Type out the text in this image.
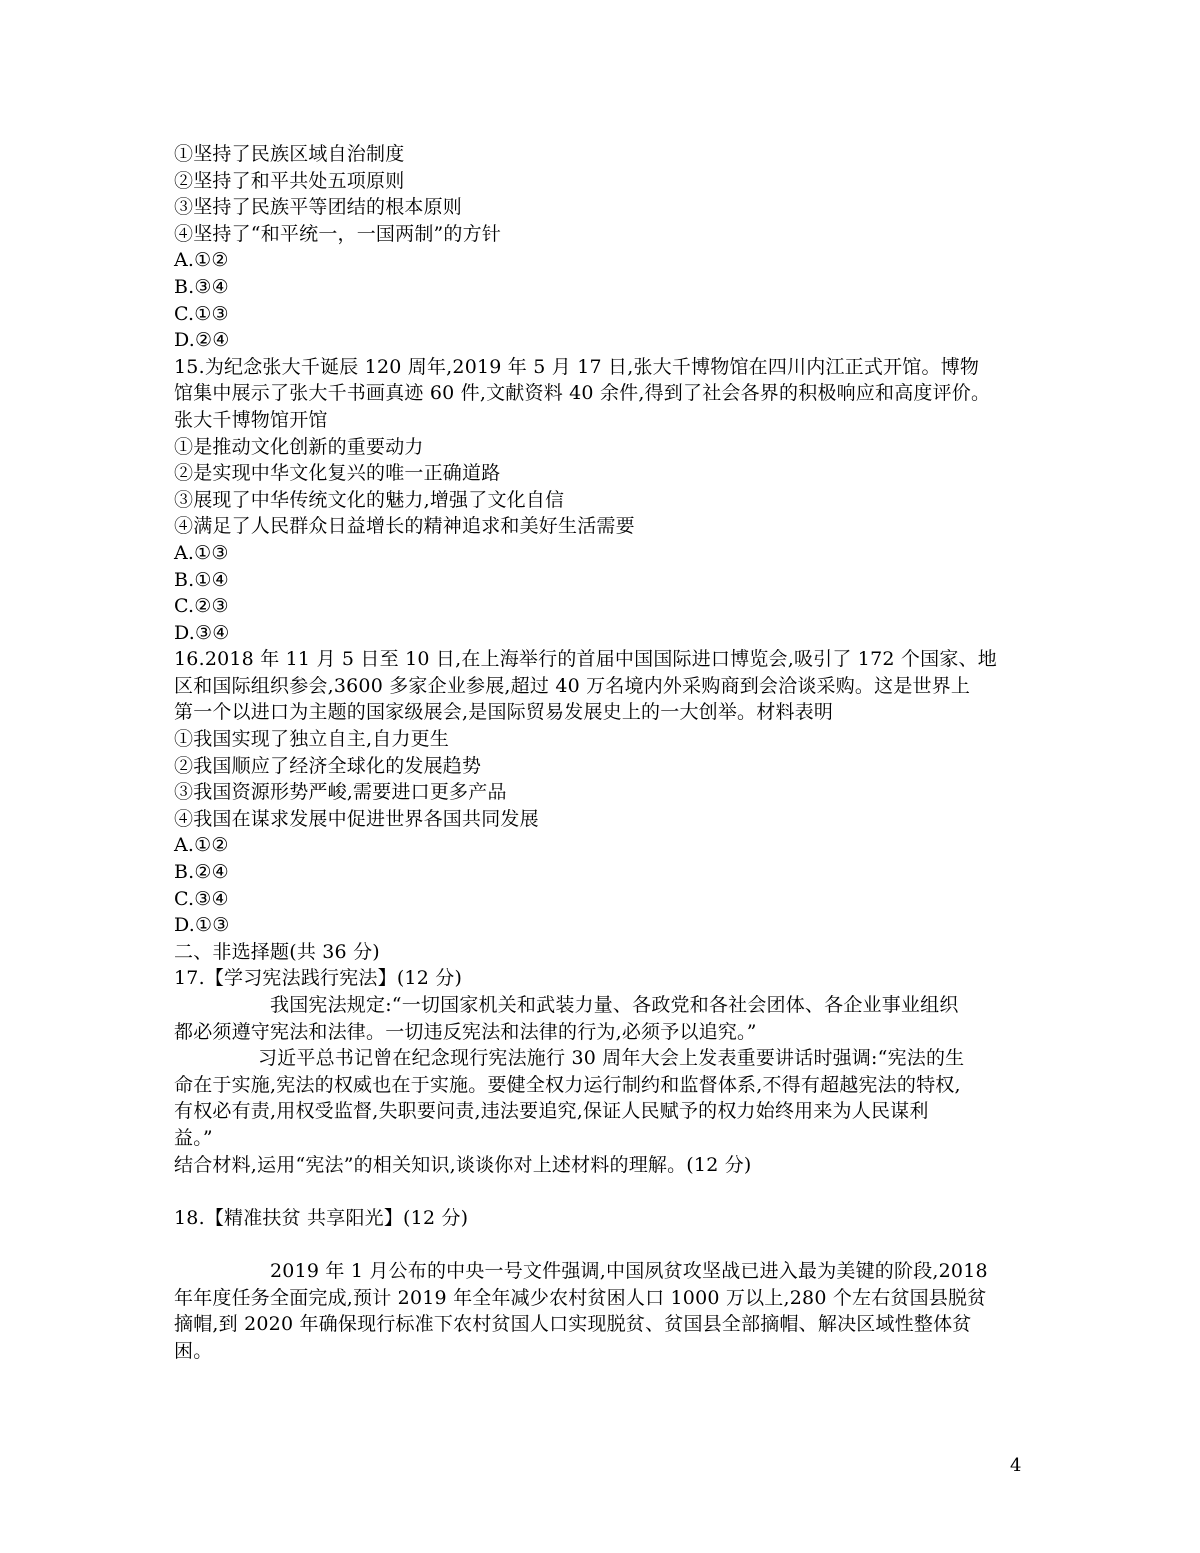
①坚持了民族区域自治制度
②坚持了和平共处五项原则
③坚持了民族平等团结的根本原则
④坚持了“和平统一，一国两制”的方针
A.①②
B.③④
C.①③
D.②④
15.为纪念张大千诞辰 120 周年,2019 年 5 月 17 日,张大千博物馆在四川内江正式开馆。博物
馆集中展示了张大千书画真迹 60 件,文献资料 40 余件,得到了社会各界的积极响应和高度评价。
张大千博物馆开馆
①是推动文化创新的重要动力
②是实现中华文化复兴的唯一正确道路
③展现了中华传统文化的魅力,增强了文化自信
④满足了人民群众日益增长的精神追求和美好生活需要
A.①③
B.①④
C.②③
D.③④
16.2018 年 11 月 5 日至 10 日,在上海举行的首届中国国际进口博览会,吸引了 172 个国家、地
区和国际组织参会,3600 多家企业参展,超过 40 万名境内外采购商到会洽谈采购。这是世界上
第一个以进口为主题的国家级展会,是国际贸易发展史上的一大创举。材料表明
①我国实现了独立自主,自力更生
②我国顺应了经济全球化的发展趋势
③我国资源形势严峻,需要进口更多产品
④我国在谋求发展中促进世界各国共同发展
A.①②
B.②④
C.③④
D.①③
二、非选择题(共 36 分)
17.【学习宪法践行宪法】(12 分)
我国宪法规定:“一切国家机关和武装力量、各政党和各社会团体、各企业事业组织
都必须遵守宪法和法律。一切违反宪法和法律的行为,必须予以追究。”
习近平总书记曾在纪念现行宪法施行 30 周年大会上发表重要讲话时强调:“宪法的生
命在于实施,宪法的权威也在于实施。要健全权力运行制约和监督体系,不得有超越宪法的特权,
有权必有责,用权受监督,失职要问责,违法要追究,保证人民赋予的权力始终用来为人民谋利
益。”
结合材料,运用“宪法”的相关知识,谈谈你对上述材料的理解。(12 分)
18.【精准扶贫 共享阳光】(12 分)
2019 年 1 月公布的中央一号文件强调,中国夙贫攻坚战已进入最为美键的阶段,2018
年年度任务全面完成,预计 2019 年全年减少农村贫困人口 1000 万以上,280 个左右贫国县脱贫
摘帽,到 2020 年确保现行标准下农村贫国人口实现脱贫、贫国县全部摘帽、解决区域性整体贫
困。
4
